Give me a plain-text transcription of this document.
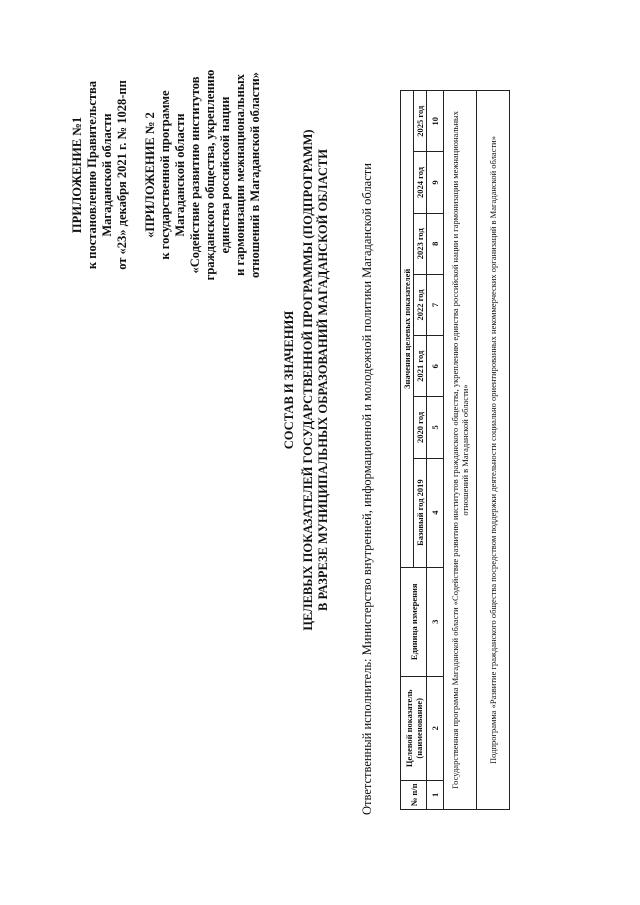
ПРИЛОЖЕНИЕ №1 к постановлению Правительства Магаданской области от «23» декабря 2021 г. № 1028-пп «ПРИЛОЖЕНИЕ № 2 к государственной программе Магаданской области «Содействие развитию институтов гражданского общества, укреплению единства российской нации и гармонизации межнациональных отношений в Магаданской области»
СОСТАВ И ЗНАЧЕНИЯ ЦЕЛЕВЫХ ПОКАЗАТЕЛЕЙ ГОСУДАРСТВЕННОЙ ПРОГРАММЫ (ПОДПРОГРАММ) В РАЗРЕЗЕ МУНИЦИПАЛЬНЫХ ОБРАЗОВАНИЙ МАГАДАНСКОЙ ОБЛАСТИ Ответственный исполнитель: Министерство внутренней, информационной и молодежной политики Магаданской области	№ п/п	Целевой показатель (наименование)	Единица измерения	Значения целевых показателей						
			Базовый год 2019	2020 год	2021 год	2022 год	2023 год	2024 год	2025 год
1	2	3	4	5	6	7	8	9	10
Государственная программа Магаданской области «Содействие развитию институтов гражданского общества, укреплению единства российской нации и гармонизации межнациональных отношений в Магаданской области»									
Подпрограмма «Развитие гражданского общества посредством поддержки деятельности социально ориентированных некоммерческих организаций в Магаданской области»									
